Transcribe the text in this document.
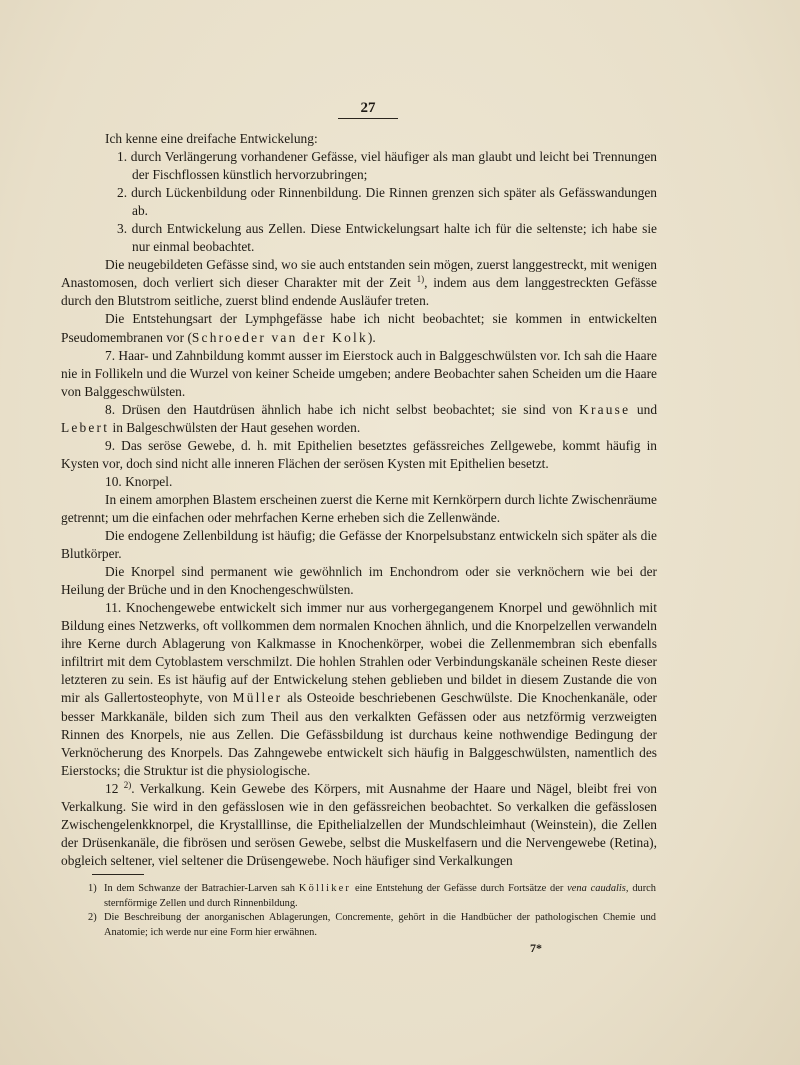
27

Ich kenne eine dreifache Entwickelung:

1. durch Verlängerung vorhandener Gefässe, viel häufiger als man glaubt und leicht bei Trennungen der Fischflossen künstlich hervorzubringen;

2. durch Lückenbildung oder Rinnenbildung. Die Rinnen grenzen sich später als Gefässwandungen ab.

3. durch Entwickelung aus Zellen. Diese Entwickelungsart halte ich für die seltenste; ich habe sie nur einmal beobachtet.

Die neugebildeten Gefässe sind, wo sie auch entstanden sein mögen, zuerst langgestreckt, mit wenigen Anastomosen, doch verliert sich dieser Charakter mit der Zeit $^{1)}$, indem aus dem langgestreckten Gefässe durch den Blutstrom seitliche, zuerst blind endende Ausläufer treten.

Die Entstehungsart der Lymphgefässe habe ich nicht beobachtet; sie kommen in entwickelten Pseudomembranen vor (Schroeder van der Kolk).

7. Haar- und Zahnbildung kommt ausser im Eierstock auch in Balggeschwülsten vor. Ich sah die Haare nie in Follikeln und die Wurzel von keiner Scheide umgeben; andere Beobachter sahen Scheiden um die Haare von Balggeschwülsten.

8. Drüsen den Hautdrüsen ähnlich habe ich nicht selbst beobachtet; sie sind von Krause und Lebert in Balgeschwülsten der Haut gesehen worden.

9. Das seröse Gewebe, d. h. mit Epithelien besetztes gefässreiches Zellgewebe, kommt häufig in Kysten vor, doch sind nicht alle inneren Flächen der serösen Kysten mit Epithelien besetzt.

10. Knorpel.

In einem amorphen Blastem erscheinen zuerst die Kerne mit Kernkörpern durch lichte Zwischenräume getrennt; um die einfachen oder mehrfachen Kerne erheben sich die Zellenwände.

Die endogene Zellenbildung ist häufig; die Gefässe der Knorpelsubstanz entwickeln sich später als die Blutkörper.

Die Knorpel sind permanent wie gewöhnlich im Enchondrom oder sie verknöchern wie bei der Heilung der Brüche und in den Knochengeschwülsten.

11. Knochengewebe entwickelt sich immer nur aus vorhergegangenem Knorpel und gewöhnlich mit Bildung eines Netzwerks, oft vollkommen dem normalen Knochen ähnlich, und die Knorpelzellen verwandeln ihre Kerne durch Ablagerung von Kalkmasse in Knochenkörper, wobei die Zellenmembran sich ebenfalls infiltrirt mit dem Cytoblastem verschmilzt. Die hohlen Strahlen oder Verbindungskanäle scheinen Reste dieser letzteren zu sein. Es ist häufig auf der Entwickelung stehen geblieben und bildet in diesem Zustande die von mir als Gallertosteophyte, von Müller als Osteoide beschriebenen Geschwülste. Die Knochenkanäle, oder besser Markkanäle, bilden sich zum Theil aus den verkalkten Gefässen oder aus netzförmig verzweigten Rinnen des Knorpels, nie aus Zellen. Die Gefässbildung ist durchaus keine nothwendige Bedingung der Verknöcherung des Knorpels. Das Zahngewebe entwickelt sich häufig in Balggeschwülsten, namentlich des Eierstocks; die Struktur ist die physiologische.

12 $^{2)}$. Verkalkung. Kein Gewebe des Körpers, mit Ausnahme der Haare und Nägel, bleibt frei von Verkalkung. Sie wird in den gefässlosen wie in den gefässreichen beobachtet. So verkalken die gefässlosen Zwischengelenkknorpel, die Krystalllinse, die Epithelialzellen der Mundschleimhaut (Weinstein), die Zellen der Drüsenkanäle, die fibrösen und serösen Gewebe, selbst die Muskelfasern und die Nervengewebe (Retina), obgleich seltener, viel seltener die Drüsengewebe. Noch häufiger sind Verkalkungen

1) In dem Schwanze der Batrachier-Larven sah Kölliker eine Entstehung der Gefässe durch Fortsätze der vena caudalis, durch sternförmige Zellen und durch Rinnenbildung.

2) Die Beschreibung der anorganischen Ablagerungen, Concremente, gehört in die Handbücher der pathologischen Chemie und Anatomie; ich werde nur eine Form hier erwähnen.

7*
